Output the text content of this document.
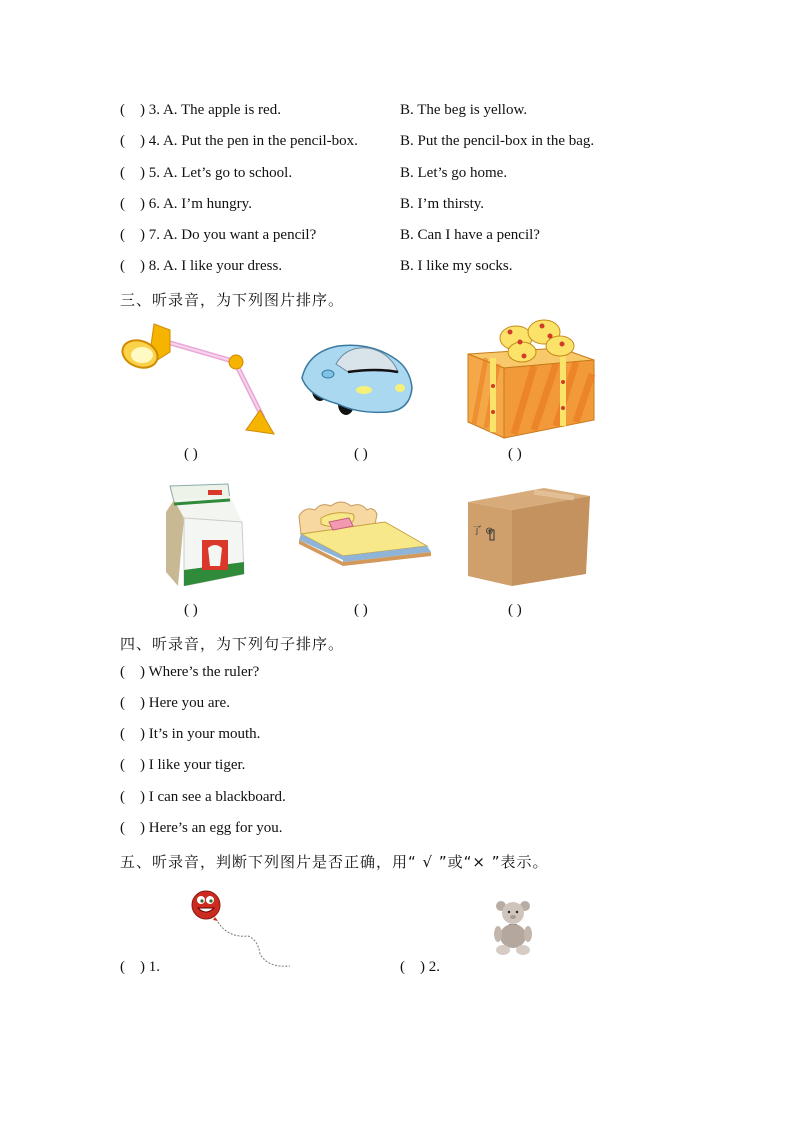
(    ) 3. A. The apple is red.	B. The beg is yellow.
(    ) 4. A. Put the pen in the pencil-box.	B. Put the pencil-box in the bag.
(    ) 5. A. Let’s go to school.	B. Let’s go home.
(    ) 6. A. I’m hungry.	B. I’m thirsty.
(    ) 7. A. Do you want a pencil?	B. Can I have a pencil?
(    ) 8. A. I like your dress.	B. I like my socks.
三、听录音，为下列图片排序。
( )	( )	( )
了 ⊛
( )	( )	( )
四、听录音，为下列句子排序。
(    ) Where’s the ruler?
(    ) Here you are.
(    ) It’s in your mouth.
(    ) I like your tiger.
(    ) I can see a blackboard.
(    ) Here’s an egg for you.
五、听录音，判断下列图片是否正确，用“ √ ”或“× ”表示。
(    ) 1.	(    ) 2.
